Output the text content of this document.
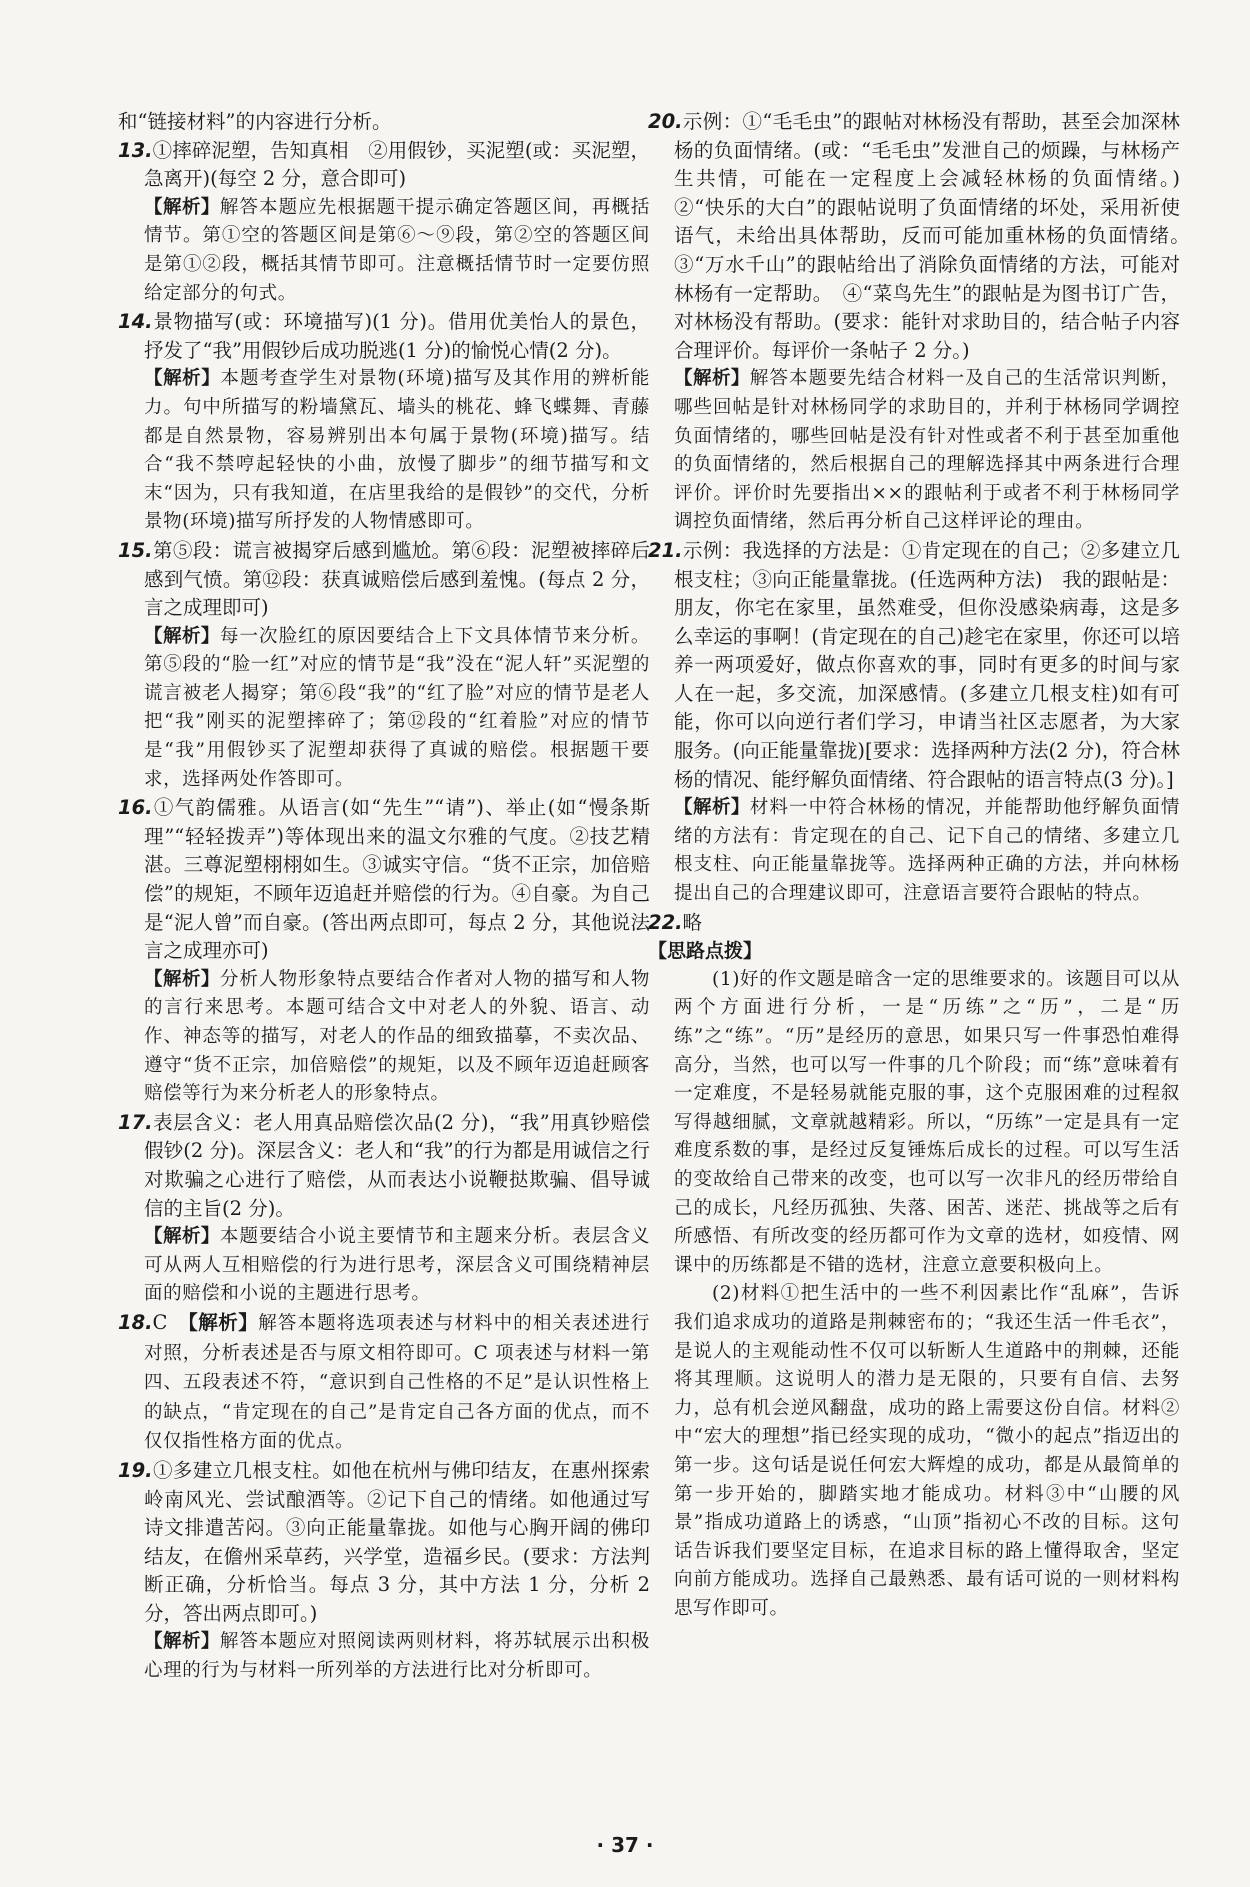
和“链接材料”的内容进行分析。
13.①摔碎泥塑，告知真相　②用假钞，买泥塑(或：买泥塑，急离开)(每空 2 分，意合即可)
【解析】解答本题应先根据题干提示确定答题区间，再概括情节。第①空的答题区间是第⑥～⑨段，第②空的答题区间是第①②段，概括其情节即可。注意概括情节时一定要仿照给定部分的句式。
14.景物描写(或：环境描写)(1 分)。借用优美怡人的景色，抒发了“我”用假钞后成功脱逃(1 分)的愉悦心情(2 分)。
【解析】本题考查学生对景物(环境)描写及其作用的辨析能力。句中所描写的粉墙黛瓦、墙头的桃花、蜂飞蝶舞、青藤都是自然景物，容易辨别出本句属于景物(环境)描写。结合“我不禁哼起轻快的小曲，放慢了脚步”的细节描写和文末“因为，只有我知道，在店里我给的是假钞”的交代，分析景物(环境)描写所抒发的人物情感即可。
15.第⑤段：谎言被揭穿后感到尴尬。第⑥段：泥塑被摔碎后感到气愤。第⑫段：获真诚赔偿后感到羞愧。(每点 2 分，言之成理即可)
【解析】每一次脸红的原因要结合上下文具体情节来分析。第⑤段的“脸一红”对应的情节是“我”没在“泥人轩”买泥塑的谎言被老人揭穿；第⑥段“我”的“红了脸”对应的情节是老人把“我”刚买的泥塑摔碎了；第⑫段的“红着脸”对应的情节是“我”用假钞买了泥塑却获得了真诚的赔偿。根据题干要求，选择两处作答即可。
16.①气韵儒雅。从语言(如“先生”“请”)、举止(如“慢条斯理”“轻轻拨弄”)等体现出来的温文尔雅的气度。②技艺精湛。三尊泥塑栩栩如生。③诚实守信。“货不正宗，加倍赔偿”的规矩，不顾年迈追赶并赔偿的行为。④自豪。为自己是“泥人曾”而自豪。(答出两点即可，每点 2 分，其他说法言之成理亦可)
【解析】分析人物形象特点要结合作者对人物的描写和人物的言行来思考。本题可结合文中对老人的外貌、语言、动作、神态等的描写，对老人的作品的细致描摹，不卖次品、遵守“货不正宗，加倍赔偿”的规矩，以及不顾年迈追赶顾客赔偿等行为来分析老人的形象特点。
17.表层含义：老人用真品赔偿次品(2 分)，“我”用真钞赔偿假钞(2 分)。深层含义：老人和“我”的行为都是用诚信之行对欺骗之心进行了赔偿，从而表达小说鞭挞欺骗、倡导诚信的主旨(2 分)。
【解析】本题要结合小说主要情节和主题来分析。表层含义可从两人互相赔偿的行为进行思考，深层含义可围绕精神层面的赔偿和小说的主题进行思考。
18.C　 【解析】解答本题将选项表述与材料中的相关表述进行对照，分析表述是否与原文相符即可。C 项表述与材料一第四、五段表述不符，“意识到自己性格的不足”是认识性格上的缺点，“肯定现在的自己”是肯定自己各方面的优点，而不仅仅指性格方面的优点。
19.①多建立几根支柱。如他在杭州与佛印结友，在惠州探索岭南风光、尝试酿酒等。②记下自己的情绪。如他通过写诗文排遣苦闷。③向正能量靠拢。如他与心胸开阔的佛印结友，在儋州采草药，兴学堂，造福乡民。(要求：方法判断正确，分析恰当。每点 3 分，其中方法 1 分，分析 2 分，答出两点即可。)
【解析】解答本题应对照阅读两则材料，将苏轼展示出积极心理的行为与材料一所列举的方法进行比对分析即可。
20.示例：①“毛毛虫”的跟帖对林杨没有帮助，甚至会加深林杨的负面情绪。(或：“毛毛虫”发泄自己的烦躁，与林杨产生共情，可能在一定程度上会减轻林杨的负面情绪。)　②“快乐的大白”的跟帖说明了负面情绪的坏处，采用祈使语气，未给出具体帮助，反而可能加重林杨的负面情绪。　③“万水千山”的跟帖给出了消除负面情绪的方法，可能对林杨有一定帮助。　④“菜鸟先生”的跟帖是为图书订广告，对林杨没有帮助。(要求：能针对求助目的，结合帖子内容合理评价。每评价一条帖子 2 分。)
【解析】解答本题要先结合材料一及自己的生活常识判断，哪些回帖是针对林杨同学的求助目的，并利于林杨同学调控负面情绪的，哪些回帖是没有针对性或者不利于甚至加重他的负面情绪的，然后根据自己的理解选择其中两条进行合理评价。评价时先要指出××的跟帖利于或者不利于林杨同学调控负面情绪，然后再分析自己这样评论的理由。
21.示例：我选择的方法是：①肯定现在的自己；②多建立几根支柱；③向正能量靠拢。(任选两种方法)　我的跟帖是：朋友，你宅在家里，虽然难受，但你没感染病毒，这是多么幸运的事啊！(肯定现在的自己)趁宅在家里，你还可以培养一两项爱好，做点你喜欢的事，同时有更多的时间与家人在一起，多交流，加深感情。(多建立几根支柱)如有可能，你可以向逆行者们学习，申请当社区志愿者，为大家服务。(向正能量靠拢)[要求：选择两种方法(2 分)，符合林杨的情况、能纾解负面情绪、符合跟帖的语言特点(3 分)。]
【解析】材料一中符合林杨的情况，并能帮助他纾解负面情绪的方法有：肯定现在的自己、记下自己的情绪、多建立几根支柱、向正能量靠拢等。选择两种正确的方法，并向林杨提出自己的合理建议即可，注意语言要符合跟帖的特点。
22.略
【思路点拨】
(1)好的作文题是暗含一定的思维要求的。该题目可以从两个方面进行分析，一是“历练”之“历”，二是“历练”之“练”。“历”是经历的意思，如果只写一件事恐怕难得高分，当然，也可以写一件事的几个阶段；而“练”意味着有一定难度，不是轻易就能克服的事，这个克服困难的过程叙写得越细腻，文章就越精彩。所以，“历练”一定是具有一定难度系数的事，是经过反复锤炼后成长的过程。可以写生活的变故给自己带来的改变，也可以写一次非凡的经历带给自己的成长，凡经历孤独、失落、困苦、迷茫、挑战等之后有所感悟、有所改变的经历都可作为文章的选材，如疫情、网课中的历练都是不错的选材，注意立意要积极向上。
(2)材料①把生活中的一些不利因素比作“乱麻”，告诉我们追求成功的道路是荆棘密布的；“我还生活一件毛衣”，是说人的主观能动性不仅可以斩断人生道路中的荆棘，还能将其理顺。这说明人的潜力是无限的，只要有自信、去努力，总有机会逆风翻盘，成功的路上需要这份自信。材料②中“宏大的理想”指已经实现的成功，“微小的起点”指迈出的第一步。这句话是说任何宏大辉煌的成功，都是从最简单的第一步开始的，脚踏实地才能成功。材料③中“山腰的风景”指成功道路上的诱惑，“山顶”指初心不改的目标。这句话告诉我们要坚定目标，在追求目标的路上懂得取舍，坚定向前方能成功。选择自己最熟悉、最有话可说的一则材料构思写作即可。
· 37 ·
